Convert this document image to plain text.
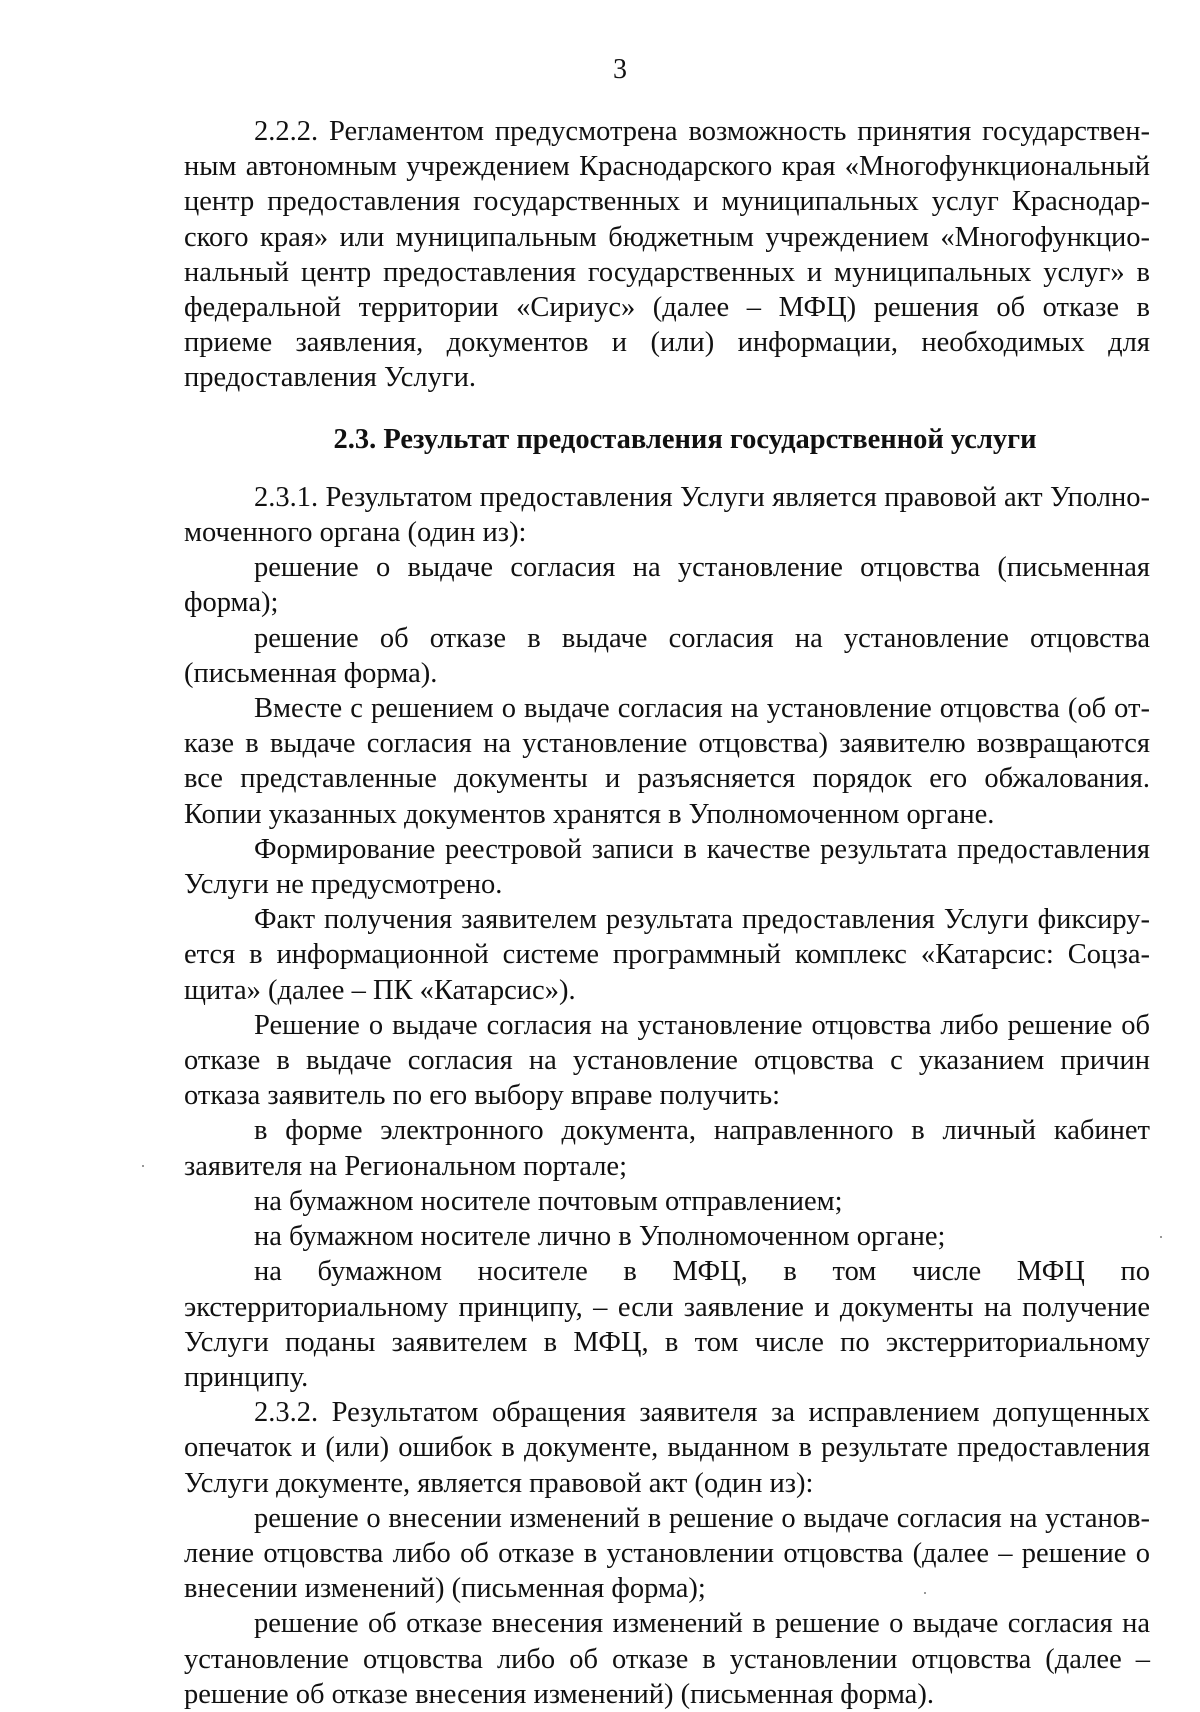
3

2.2.2. Регламентом предусмотрена возможность принятия государственным автономным учреждением Краснодарского края «Многофункциональный центр предоставления государственных и муниципальных услуг Краснодарского края» или муниципальным бюджетным учреждением «Многофункциональный центр предоставления государственных и муниципальных услуг» в федеральной территории «Сириус» (далее – МФЦ) решения об отказе в приеме заявления, документов и (или) информации, необходимых для предоставления Услуги.

2.3. Результат предоставления государственной услуги

2.3.1. Результатом предоставления Услуги является правовой акт Уполномоченного органа (один из):

решение о выдаче согласия на установление отцовства (письменная форма);

решение об отказе в выдаче согласия на установление отцовства (письменная форма).

Вместе с решением о выдаче согласия на установление отцовства (об отказе в выдаче согласия на установление отцовства) заявителю возвращаются все представленные документы и разъясняется порядок его обжалования. Копии указанных документов хранятся в Уполномоченном органе.

Формирование реестровой записи в качестве результата предоставления Услуги не предусмотрено.

Факт получения заявителем результата предоставления Услуги фиксируется в информационной системе программный комплекс «Катарсис: Соцзащита» (далее – ПК «Катарсис»).

Решение о выдаче согласия на установление отцовства либо решение об отказе в выдаче согласия на установление отцовства с указанием причин отказа заявитель по его выбору вправе получить:

в форме электронного документа, направленного в личный кабинет заявителя на Региональном портале;

на бумажном носителе почтовым отправлением;

на бумажном носителе лично в Уполномоченном органе;

на бумажном носителе в МФЦ, в том числе МФЦ по экстерриториальному принципу, – если заявление и документы на получение Услуги поданы заявителем в МФЦ, в том числе по экстерриториальному принципу.

2.3.2. Результатом обращения заявителя за исправлением допущенных опечаток и (или) ошибок в документе, выданном в результате предоставления Услуги документе, является правовой акт (один из):

решение о внесении изменений в решение о выдаче согласия на установление отцовства либо об отказе в установлении отцовства (далее – решение о внесении изменений) (письменная форма);

решение об отказе внесения изменений в решение о выдаче согласия на установление отцовства либо об отказе в установлении отцовства (далее – решение об отказе внесения изменений) (письменная форма).
